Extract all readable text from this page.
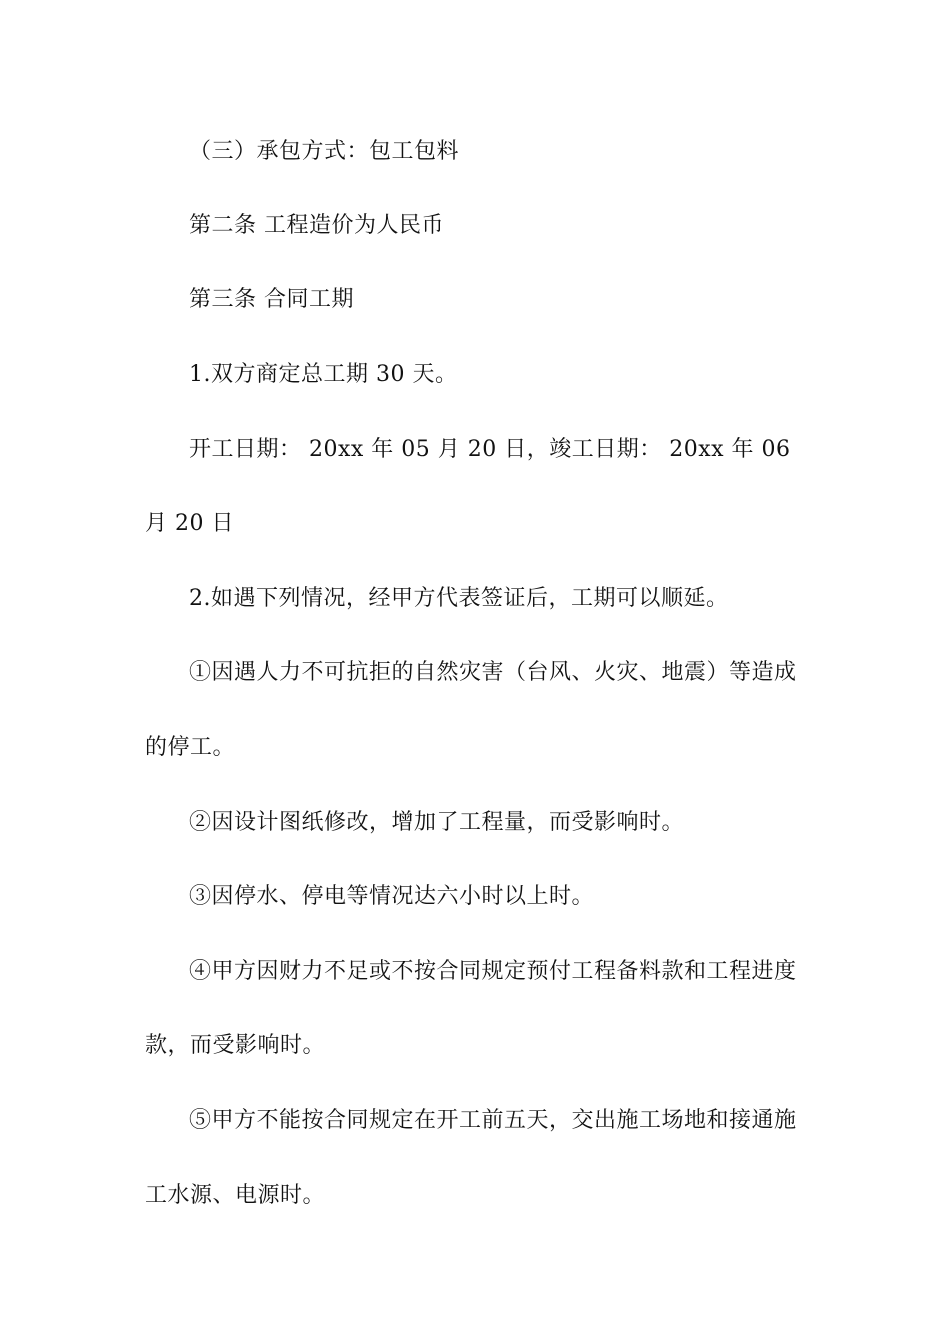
（三）承包方式：包工包料
第二条 工程造价为人民币
第三条 合同工期
1.双方商定总工期 30 天。
开工日期： 20xx 年 05 月 20 日，竣工日期： 20xx 年 06
月 20 日
2.如遇下列情况，经甲方代表签证后，工期可以顺延。
①因遇人力不可抗拒的自然灾害（台风、火灾、地震）等造成
的停工。
②因设计图纸修改，增加了工程量，而受影响时。
③因停水、停电等情况达六小时以上时。
④甲方因财力不足或不按合同规定预付工程备料款和工程进度
款，而受影响时。
⑤甲方不能按合同规定在开工前五天，交出施工场地和接通施
工水源、电源时。
